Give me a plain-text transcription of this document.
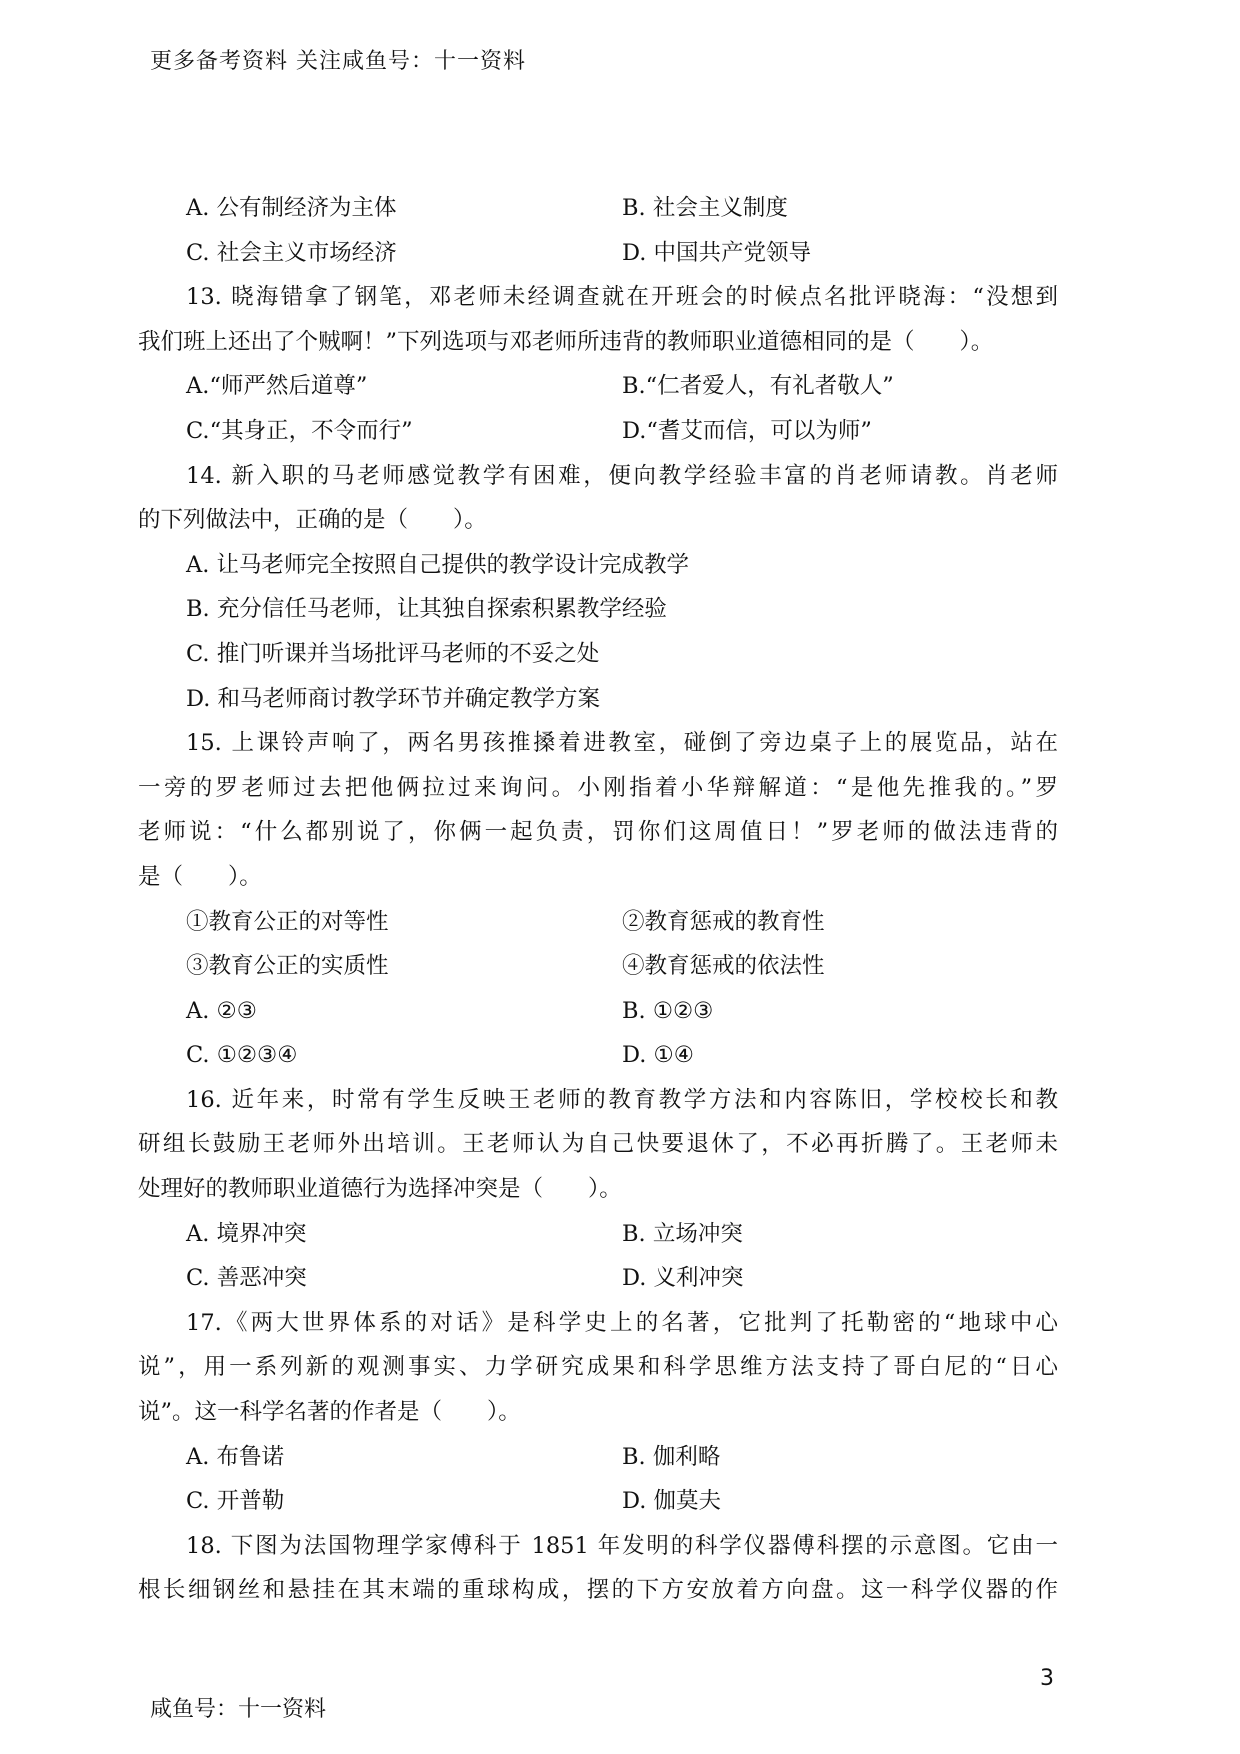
更多备考资料 关注咸鱼号：十一资料
A. 公有制经济为主体	B. 社会主义制度
C. 社会主义市场经济	D. 中国共产党领导
13. 晓海错拿了钢笔，邓老师未经调查就在开班会的时候点名批评晓海：“没想到
我们班上还出了个贼啊！”下列选项与邓老师所违背的教师职业道德相同的是（　　）。
A.“师严然后道尊”	B.“仁者爱人，有礼者敬人”
C.“其身正，不令而行”	D.“耆艾而信，可以为师”
14. 新入职的马老师感觉教学有困难，便向教学经验丰富的肖老师请教。肖老师
的下列做法中，正确的是（　　）。
A. 让马老师完全按照自己提供的教学设计完成教学
B. 充分信任马老师，让其独自探索积累教学经验
C. 推门听课并当场批评马老师的不妥之处
D. 和马老师商讨教学环节并确定教学方案
15. 上课铃声响了，两名男孩推搡着进教室，碰倒了旁边桌子上的展览品，站在
一旁的罗老师过去把他俩拉过来询问。小刚指着小华辩解道：“是他先推我的。”罗
老师说：“什么都别说了，你俩一起负责，罚你们这周值日！”罗老师的做法违背的
是（　　）。
①教育公正的对等性	②教育惩戒的教育性
③教育公正的实质性	④教育惩戒的依法性
A. ②③	B. ①②③
C. ①②③④	D. ①④
16. 近年来，时常有学生反映王老师的教育教学方法和内容陈旧，学校校长和教
研组长鼓励王老师外出培训。王老师认为自己快要退休了，不必再折腾了。王老师未
处理好的教师职业道德行为选择冲突是（　　）。
A. 境界冲突	B. 立场冲突
C. 善恶冲突	D. 义利冲突
17.《两大世界体系的对话》是科学史上的名著，它批判了托勒密的“地球中心
说”，用一系列新的观测事实、力学研究成果和科学思维方法支持了哥白尼的“日心
说”。这一科学名著的作者是（　　）。
A. 布鲁诺	B. 伽利略
C. 开普勒	D. 伽莫夫
18. 下图为法国物理学家傅科于 1851 年发明的科学仪器傅科摆的示意图。它由一
根长细钢丝和悬挂在其末端的重球构成，摆的下方安放着方向盘。这一科学仪器的作
3
咸鱼号：十一资料
